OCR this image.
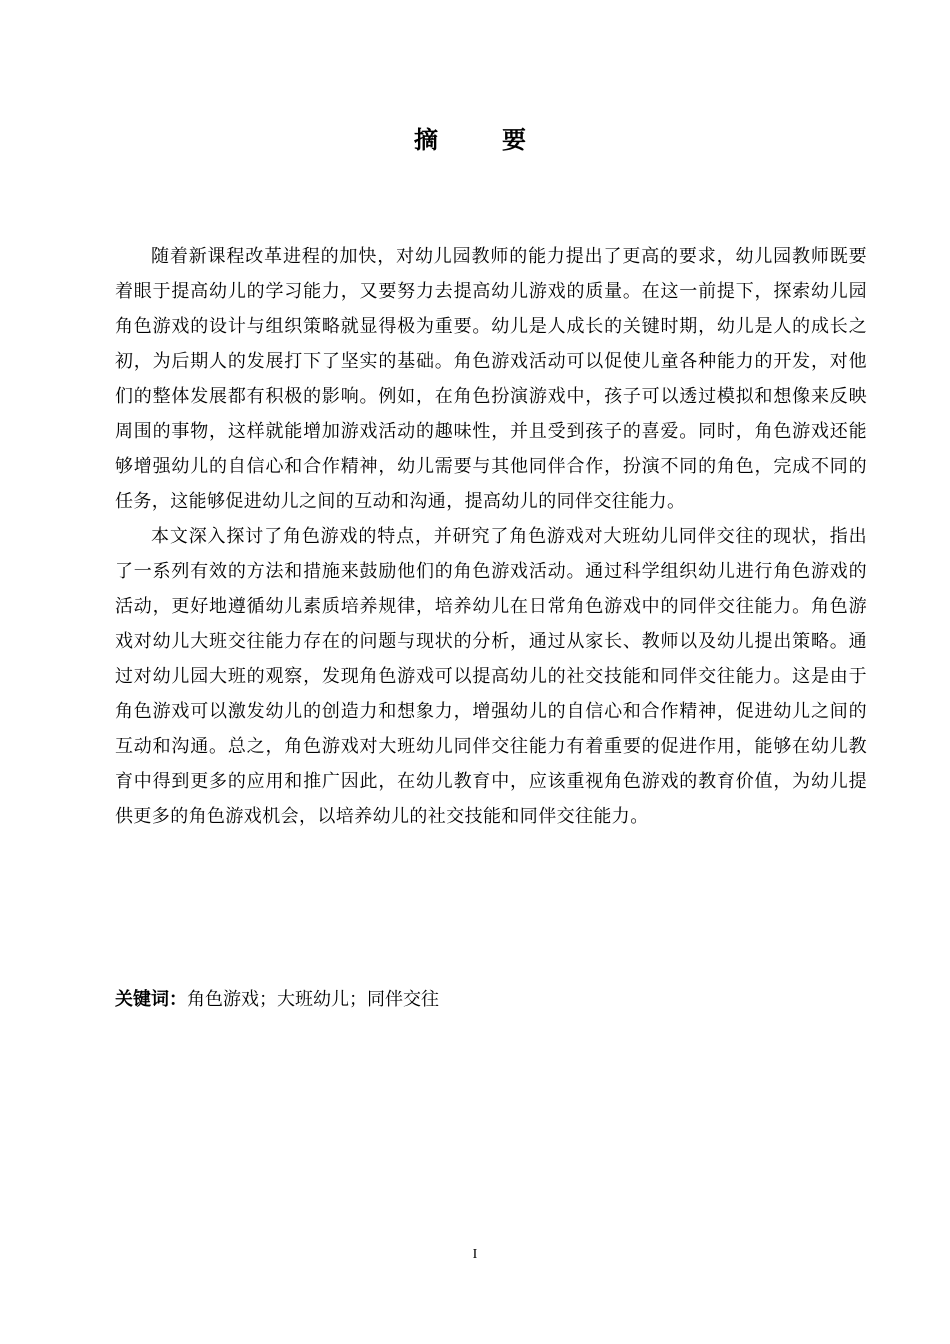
摘　要

随着新课程改革进程的加快，对幼儿园教师的能力提出了更高的要求，幼儿园教师既要着眼于提高幼儿的学习能力，又要努力去提高幼儿游戏的质量。在这一前提下，探索幼儿园角色游戏的设计与组织策略就显得极为重要。幼儿是人成长的关键时期，幼儿是人的成长之初，为后期人的发展打下了坚实的基础。角色游戏活动可以促使儿童各种能力的开发，对他们的整体发展都有积极的影响。例如，在角色扮演游戏中，孩子可以透过模拟和想像来反映周围的事物，这样就能增加游戏活动的趣味性，并且受到孩子的喜爱。同时，角色游戏还能够增强幼儿的自信心和合作精神，幼儿需要与其他同伴合作，扮演不同的角色，完成不同的任务，这能够促进幼儿之间的互动和沟通，提高幼儿的同伴交往能力。

本文深入探讨了角色游戏的特点，并研究了角色游戏对大班幼儿同伴交往的现状，指出了一系列有效的方法和措施来鼓励他们的角色游戏活动。通过科学组织幼儿进行角色游戏的活动，更好地遵循幼儿素质培养规律，培养幼儿在日常角色游戏中的同伴交往能力。角色游戏对幼儿大班交往能力存在的问题与现状的分析，通过从家长、教师以及幼儿提出策略。通过对幼儿园大班的观察，发现角色游戏可以提高幼儿的社交技能和同伴交往能力。这是由于角色游戏可以激发幼儿的创造力和想象力，增强幼儿的自信心和合作精神，促进幼儿之间的互动和沟通。总之，角色游戏对大班幼儿同伴交往能力有着重要的促进作用，能够在幼儿教育中得到更多的应用和推广因此，在幼儿教育中，应该重视角色游戏的教育价值，为幼儿提供更多的角色游戏机会，以培养幼儿的社交技能和同伴交往能力。

关键词：角色游戏；大班幼儿；同伴交往
I
